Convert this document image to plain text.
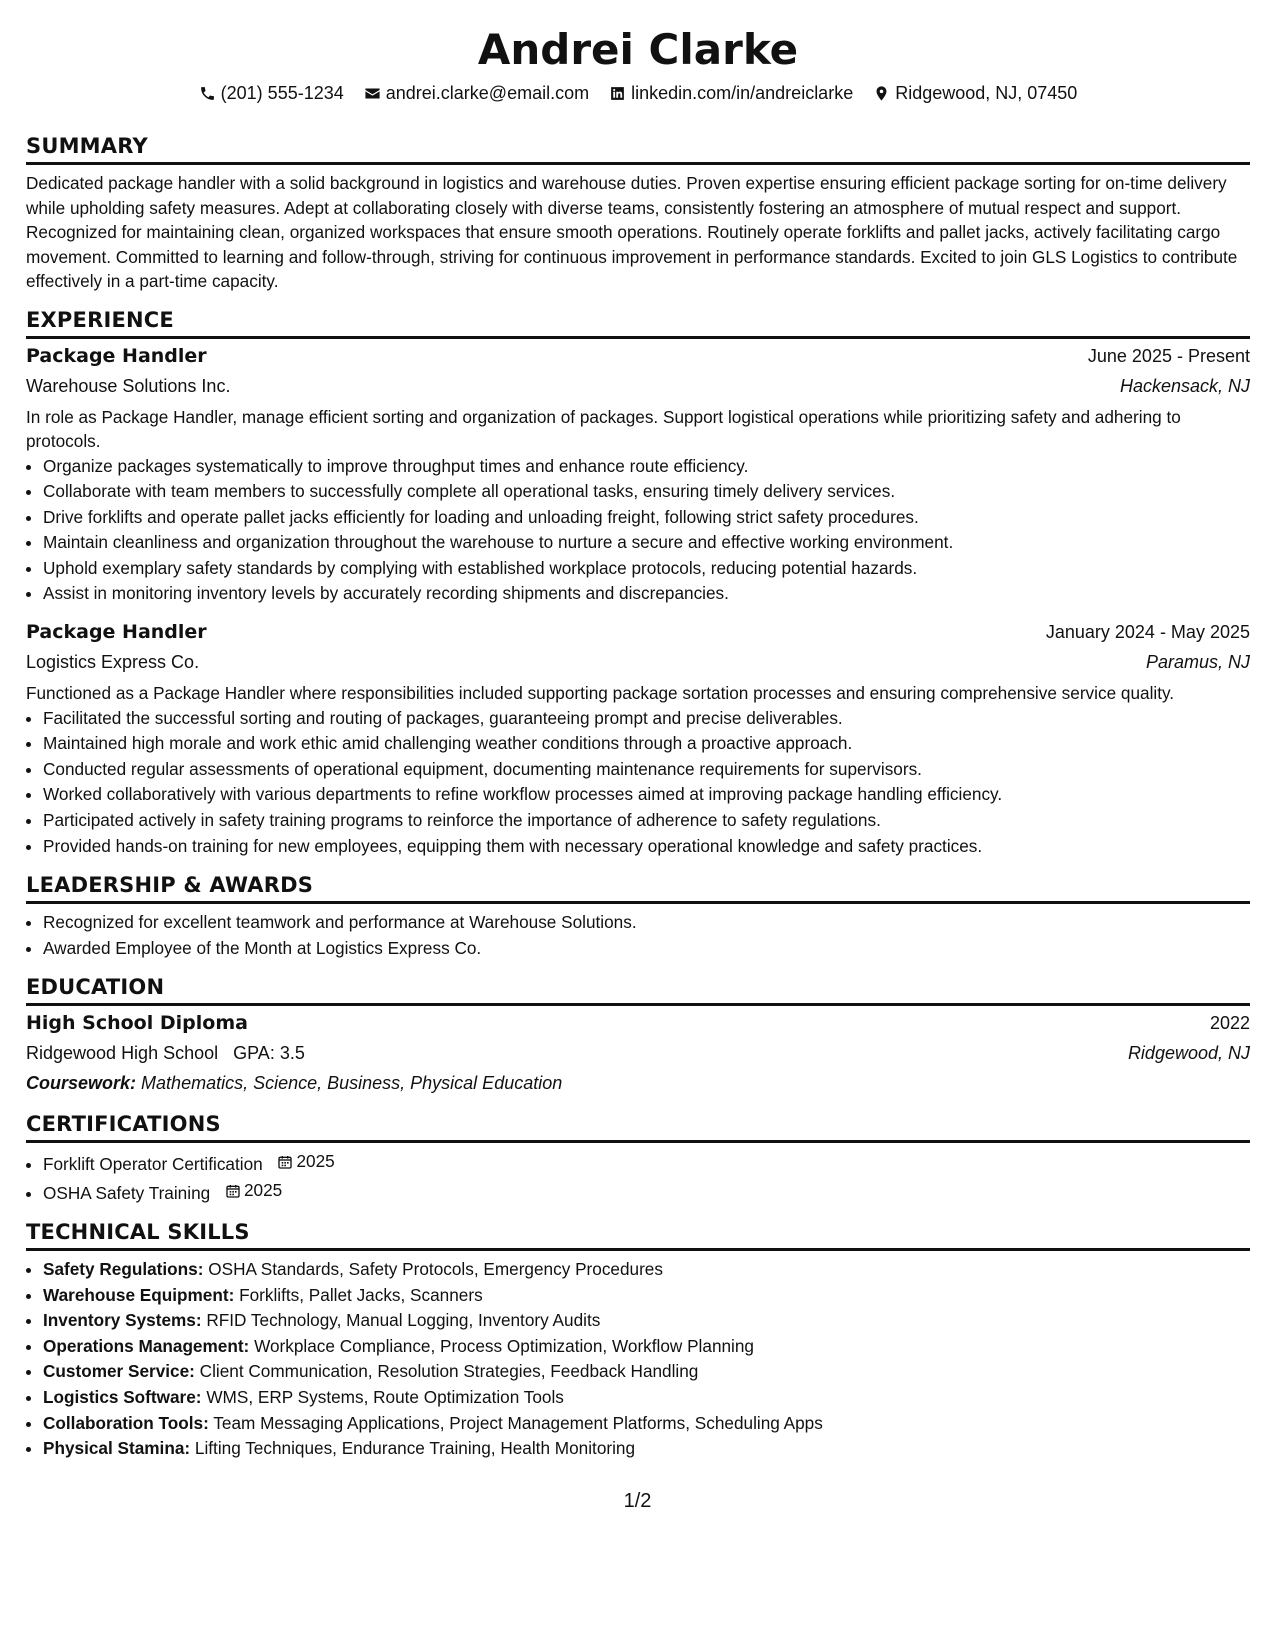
Andrei Clarke
(201) 555-1234 andrei.clarke@email.com linkedin.com/in/andreiclarke Ridgewood, NJ, 07450
SUMMARY

Dedicated package handler with a solid background in logistics and warehouse duties. Proven expertise ensuring efficient package sorting for on-time delivery while upholding safety measures. Adept at collaborating closely with diverse teams, consistently fostering an atmosphere of mutual respect and support. Recognized for maintaining clean, organized workspaces that ensure smooth operations. Routinely operate forklifts and pallet jacks, actively facilitating cargo movement. Committed to learning and follow-through, striving for continuous improvement in performance standards. Excited to join GLS Logistics to contribute effectively in a part-time capacity.

EXPERIENCE
Package Handler	June 2025 - Present
Warehouse Solutions Inc.	Hackensack, NJ

In role as Package Handler, manage efficient sorting and organization of packages. Support logistical operations while prioritizing safety and adhering to protocols.

• Organize packages systematically to improve throughput times and enhance route efficiency.
• Collaborate with team members to successfully complete all operational tasks, ensuring timely delivery services.
• Drive forklifts and operate pallet jacks efficiently for loading and unloading freight, following strict safety procedures.
• Maintain cleanliness and organization throughout the warehouse to nurture a secure and effective working environment.
• Uphold exemplary safety standards by complying with established workplace protocols, reducing potential hazards.
• Assist in monitoring inventory levels by accurately recording shipments and discrepancies.
Package Handler	January 2024 - May 2025
Logistics Express Co.	Paramus, NJ

Functioned as a Package Handler where responsibilities included supporting package sortation processes and ensuring comprehensive service quality.

• Facilitated the successful sorting and routing of packages, guaranteeing prompt and precise deliverables.
• Maintained high morale and work ethic amid challenging weather conditions through a proactive approach.
• Conducted regular assessments of operational equipment, documenting maintenance requirements for supervisors.
• Worked collaboratively with various departments to refine workflow processes aimed at improving package handling efficiency.
• Participated actively in safety training programs to reinforce the importance of adherence to safety regulations.
• Provided hands-on training for new employees, equipping them with necessary operational knowledge and safety practices.
LEADERSHIP & AWARDS
• Recognized for excellent teamwork and performance at Warehouse Solutions.
• Awarded Employee of the Month at Logistics Express Co.
EDUCATION
High School Diploma	2022
Ridgewood High School GPA: 3.5	Ridgewood, NJ
Coursework: Mathematics, Science, Business, Physical Education
CERTIFICATIONS
• Forklift Operator Certification 2025
• OSHA Safety Training 2025
TECHNICAL SKILLS
• Safety Regulations: OSHA Standards, Safety Protocols, Emergency Procedures
• Warehouse Equipment: Forklifts, Pallet Jacks, Scanners
• Inventory Systems: RFID Technology, Manual Logging, Inventory Audits
• Operations Management: Workplace Compliance, Process Optimization, Workflow Planning
• Customer Service: Client Communication, Resolution Strategies, Feedback Handling
• Logistics Software: WMS, ERP Systems, Route Optimization Tools
• Collaboration Tools: Team Messaging Applications, Project Management Platforms, Scheduling Apps
• Physical Stamina: Lifting Techniques, Endurance Training, Health Monitoring
1/2
